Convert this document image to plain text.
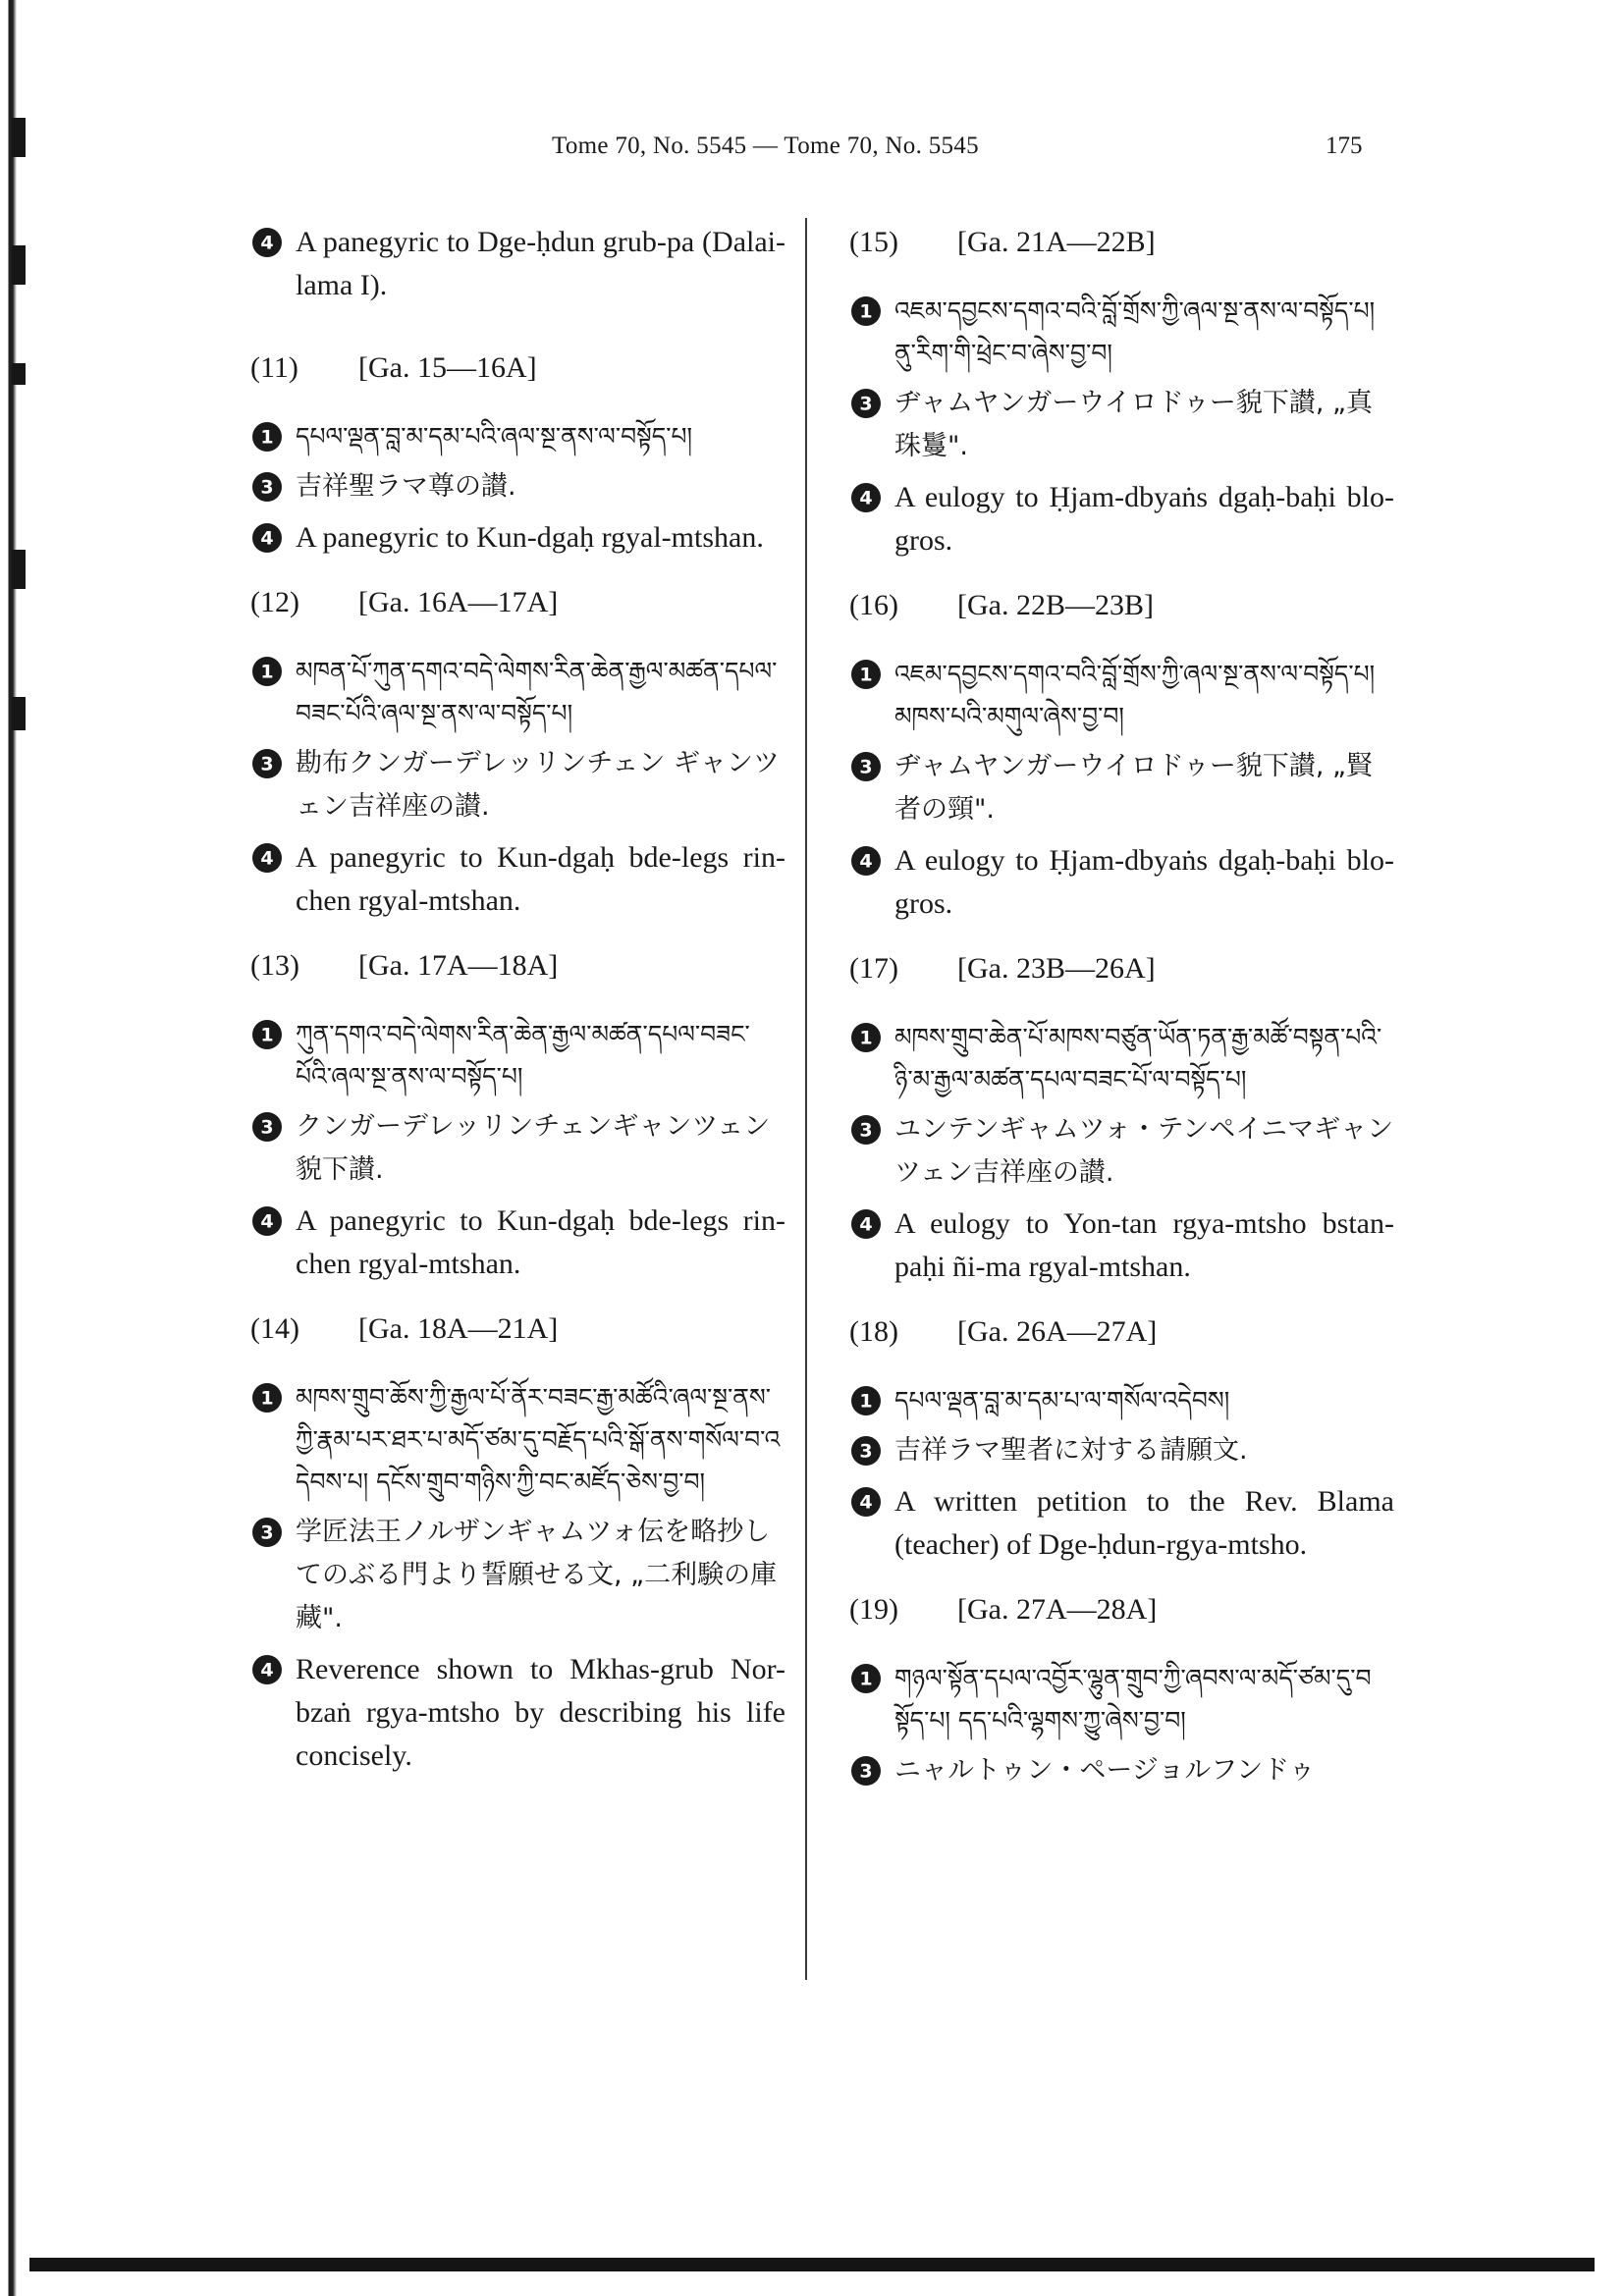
Tome 70, No. 5545 — Tome 70, No. 5545	175
4 A panegyric to Dge-ḥdun grub-pa (Dalai-lama I).
(11)	[Ga. 15—16A]
1 དཔལ་ལྡན་བླ་མ་དམ་པའི་ཞལ་སྔ་ནས་ལ་བསྟོད་པ།
3 吉祥聖ラマ尊の讃.
4 A panegyric to Kun-dgaḥ rgyal-mtshan.
(12)	[Ga. 16A—17A]
1 མཁན་པོ་ཀུན་དགའ་བདེ་ལེགས་རིན་ཆེན་རྒྱལ་མཚན་དཔལ་བཟང་པོའི་ཞལ་སྔ་ནས་ལ་བསྟོད་པ།
3 勘布クンガーデレッリンチェン ギャンツェン吉祥座の讃.
4 A panegyric to Kun-dgaḥ bde-legs rin-chen rgyal-mtshan.
(13)	[Ga. 17A—18A]
1 ཀུན་དགའ་བདེ་ལེགས་རིན་ཆེན་རྒྱལ་མཚན་དཔལ་བཟང་པོའི་ཞལ་སྔ་ནས་ལ་བསྟོད་པ།
3 クンガーデレッリンチェンギャンツェン貌下讃.
4 A panegyric to Kun-dgaḥ bde-legs rin-chen rgyal-mtshan.
(14)	[Ga. 18A—21A]
1 མཁས་གྲུབ་ཆོས་ཀྱི་རྒྱལ་པོ་ནོར་བཟང་རྒྱ་མཚོའི་ཞལ་སྔ་ནས་ཀྱི་རྣམ་པར་ཐར་པ་མདོ་ཙམ་དུ་བརྗོད་པའི་སྒོ་ནས་གསོལ་བ་འདེབས་པ། དངོས་གྲུབ་གཉིས་ཀྱི་བང་མཛོད་ཅེས་བྱ་བ།
3 学匠法王ノルザンギャムツォ伝を略抄してのぶる門より誓願せる文, „二利験の庫藏".
4 Reverence shown to Mkhas-grub Nor-bzaṅ rgya-mtsho by describing his life concisely.
(15)	[Ga. 21A—22B]
1 འཇམ་དབྱངས་དགའ་བའི་བློ་གྲོས་ཀྱི་ཞལ་སྔ་ནས་ལ་བསྟོད་པ། ནུ་རིག་གི་ཕྲེང་བ་ཞེས་བྱ་བ།
3 ヂャムヤンガーウイロドゥー貌下讃, „真珠鬘".
4 A eulogy to Ḥjam-dbyaṅs dgaḥ-baḥi blo-gros.
(16)	[Ga. 22B—23B]
1 འཇམ་དབྱངས་དགའ་བའི་བློ་གྲོས་ཀྱི་ཞལ་སྔ་ནས་ལ་བསྟོད་པ། མཁས་པའི་མགུལ་ཞེས་བྱ་བ།
3 ヂャムヤンガーウイロドゥー貌下讃, „賢者の頸".
4 A eulogy to Ḥjam-dbyaṅs dgaḥ-baḥi blo-gros.
(17)	[Ga. 23B—26A]
1 མཁས་གྲུབ་ཆེན་པོ་མཁས་བཙུན་ཡོན་ཏན་རྒྱ་མཚོ་བསྟན་པའི་ཉི་མ་རྒྱལ་མཚན་དཔལ་བཟང་པོ་ལ་བསྟོད་པ།
3 ユンテンギャムツォ・テンペイニマギャンツェン吉祥座の讃.
4 A eulogy to Yon-tan rgya-mtsho bstan-paḥi ñi-ma rgyal-mtshan.
(18)	[Ga. 26A—27A]
1 དཔལ་ལྡན་བླ་མ་དམ་པ་ལ་གསོལ་འདེབས།
3 吉祥ラマ聖者に対する請願文.
4 A written petition to the Rev. Blama (teacher) of Dge-ḥdun-rgya-mtsho.
(19)	[Ga. 27A—28A]
1 གཉལ་སྟོན་དཔལ་འབྱོར་ལྷུན་གྲུབ་ཀྱི་ཞབས་ལ་མདོ་ཙམ་དུ་བསྟོད་པ། དད་པའི་ལྷགས་ཀྱུ་ཞེས་བྱ་བ།
3 ニャルトゥン・ページョルフンドゥ
